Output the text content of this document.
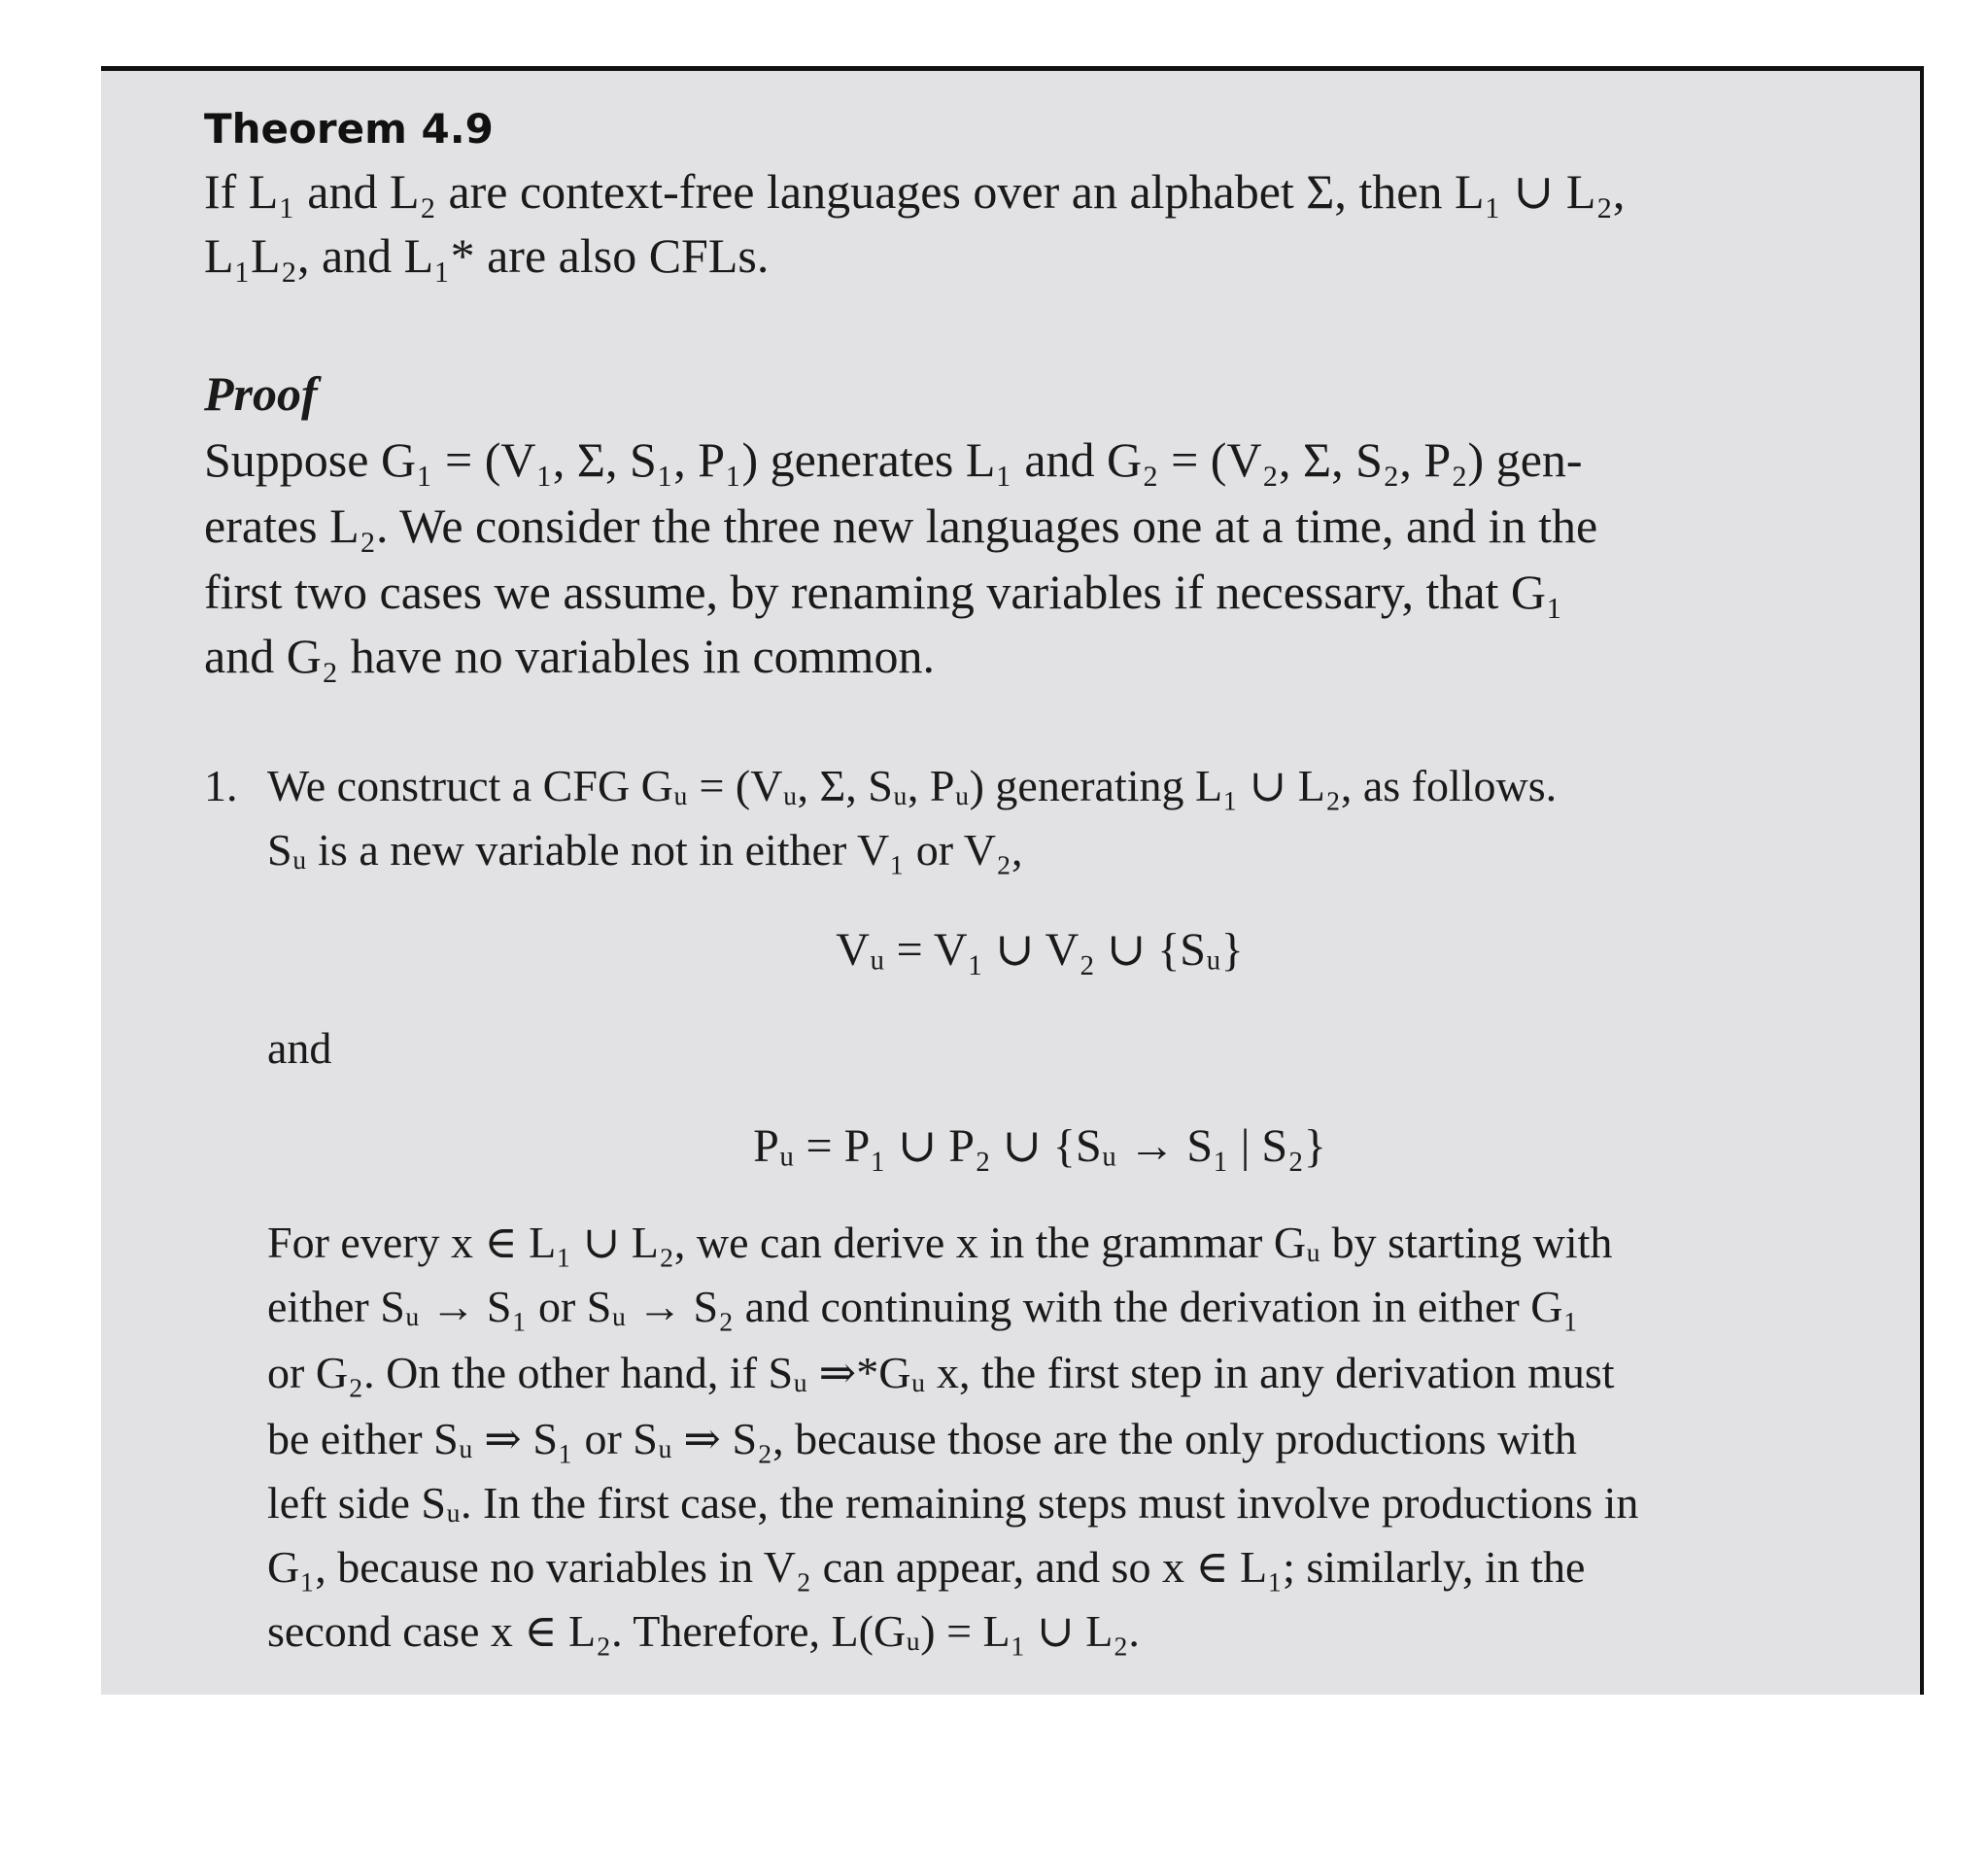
Theorem 4.9
If L₁ and L₂ are context-free languages over an alphabet Σ, then L₁ ∪ L₂,
L₁L₂, and L₁* are also CFLs.
Proof
Suppose G₁ = (V₁, Σ, S₁, P₁) generates L₁ and G₂ = (V₂, Σ, S₂, P₂) gen-
erates L₂. We consider the three new languages one at a time, and in the
first two cases we assume, by renaming variables if necessary, that G₁
and G₂ have no variables in common.
1. We construct a CFG Gᵤ = (Vᵤ, Σ, Sᵤ, Pᵤ) generating L₁ ∪ L₂, as follows.
Sᵤ is a new variable not in either V₁ or V₂,
Vᵤ = V₁ ∪ V₂ ∪ {Sᵤ}
and
Pᵤ = P₁ ∪ P₂ ∪ {Sᵤ → S₁ | S₂}
For every x ∈ L₁ ∪ L₂, we can derive x in the grammar Gᵤ by starting with
either Sᵤ → S₁ or Sᵤ → S₂ and continuing with the derivation in either G₁
or G₂. On the other hand, if Sᵤ ⇒*Gᵤ x, the first step in any derivation must
be either Sᵤ ⇒ S₁ or Sᵤ ⇒ S₂, because those are the only productions with
left side Sᵤ. In the first case, the remaining steps must involve productions in
G₁, because no variables in V₂ can appear, and so x ∈ L₁; similarly, in the
second case x ∈ L₂. Therefore, L(Gᵤ) = L₁ ∪ L₂.
